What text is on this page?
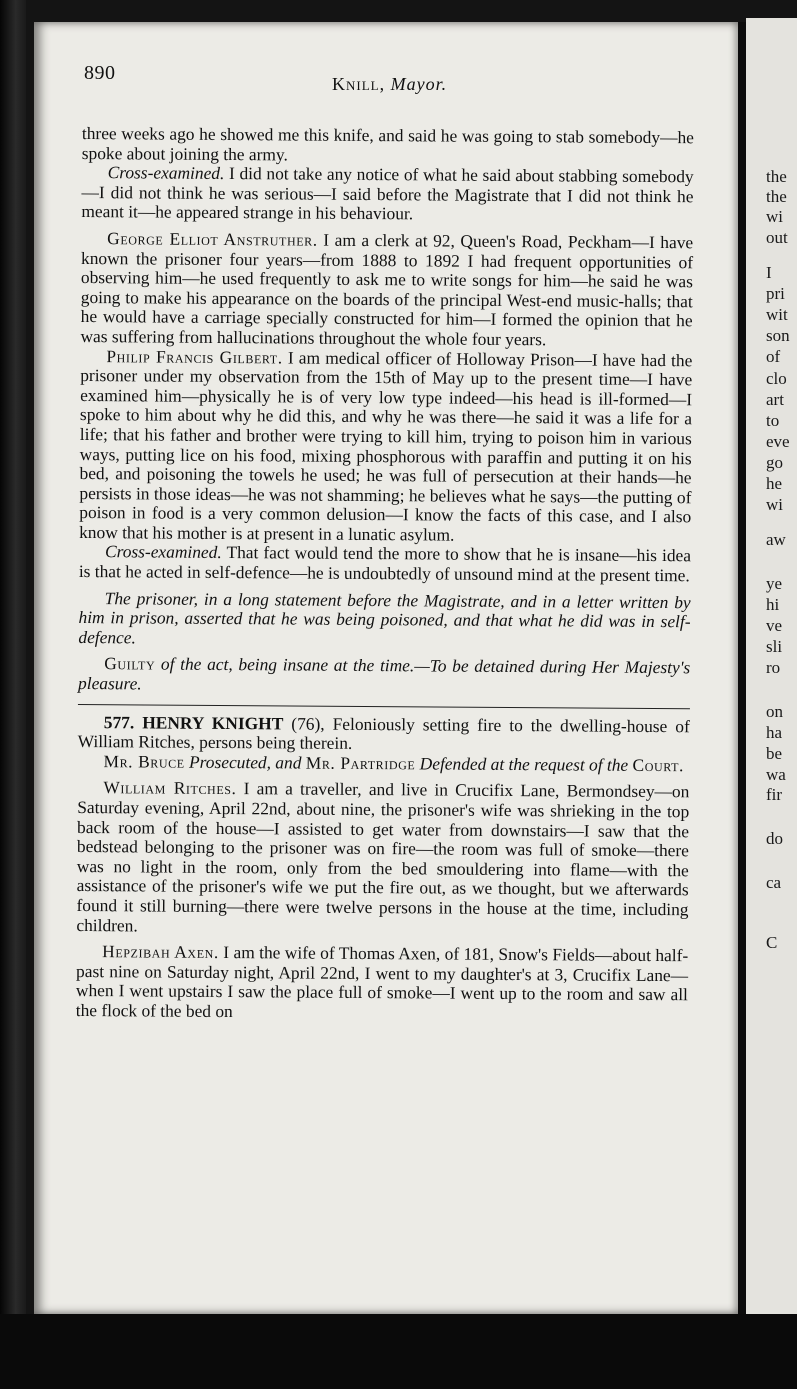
890	Knill, Mayor.

three weeks ago he showed me this knife, and said he was going to stab somebody—he spoke about joining the army.

Cross-examined. I did not take any notice of what he said about stabbing somebody—I did not think he was serious—I said before the Magistrate that I did not think he meant it—he appeared strange in his behaviour.

George Elliot Anstruther. I am a clerk at 92, Queen's Road, Peckham—I have known the prisoner four years—from 1888 to 1892 I had frequent opportunities of observing him—he used frequently to ask me to write songs for him—he said he was going to make his appearance on the boards of the principal West-end music-halls; that he would have a carriage specially constructed for him—I formed the opinion that he was suffering from hallucinations throughout the whole four years.

Philip Francis Gilbert. I am medical officer of Holloway Prison—I have had the prisoner under my observation from the 15th of May up to the present time—I have examined him—physically he is of very low type indeed—his head is ill-formed—I spoke to him about why he did this, and why he was there—he said it was a life for a life; that his father and brother were trying to kill him, trying to poison him in various ways, putting lice on his food, mixing phosphorous with paraffin and putting it on his bed, and poisoning the towels he used; he was full of persecution at their hands—he persists in those ideas—he was not shamming; he believes what he says—the putting of poison in food is a very common delusion—I know the facts of this case, and I also know that his mother is at present in a lunatic asylum.

Cross-examined. That fact would tend the more to show that he is insane—his idea is that he acted in self-defence—he is undoubtedly of unsound mind at the present time.

The prisoner, in a long statement before the Magistrate, and in a letter written by him in prison, asserted that he was being poisoned, and that what he did was in self-defence.

Guilty of the act, being insane at the time.—To be detained during Her Majesty's pleasure.

577. HENRY KNIGHT (76), Feloniously setting fire to the dwelling-house of William Ritches, persons being therein.

Mr. Bruce Prosecuted, and Mr. Partridge Defended at the request of the Court.

William Ritches. I am a traveller, and live in Crucifix Lane, Bermondsey—on Saturday evening, April 22nd, about nine, the prisoner's wife was shrieking in the top back room of the house—I assisted to get water from downstairs—I saw that the bedstead belonging to the prisoner was on fire—the room was full of smoke—there was no light in the room, only from the bed smouldering into flame—with the assistance of the prisoner's wife we put the fire out, as we thought, but we afterwards found it still burning—there were twelve persons in the house at the time, including children.

Hepzibah Axen. I am the wife of Thomas Axen, of 181, Snow's Fields—about half-past nine on Saturday night, April 22nd, I went to my daughter's at 3, Crucifix Lane—when I went upstairs I saw the place full of smoke—I went up to the room and saw all the flock of the bed on

the
the
wi
out
I
pri
wit
son
of
clo
art
to
eve
go
he
wi
aw
ye
hi
ve
sli
ro
on
ha
be
wa
fir
do
ca
C
